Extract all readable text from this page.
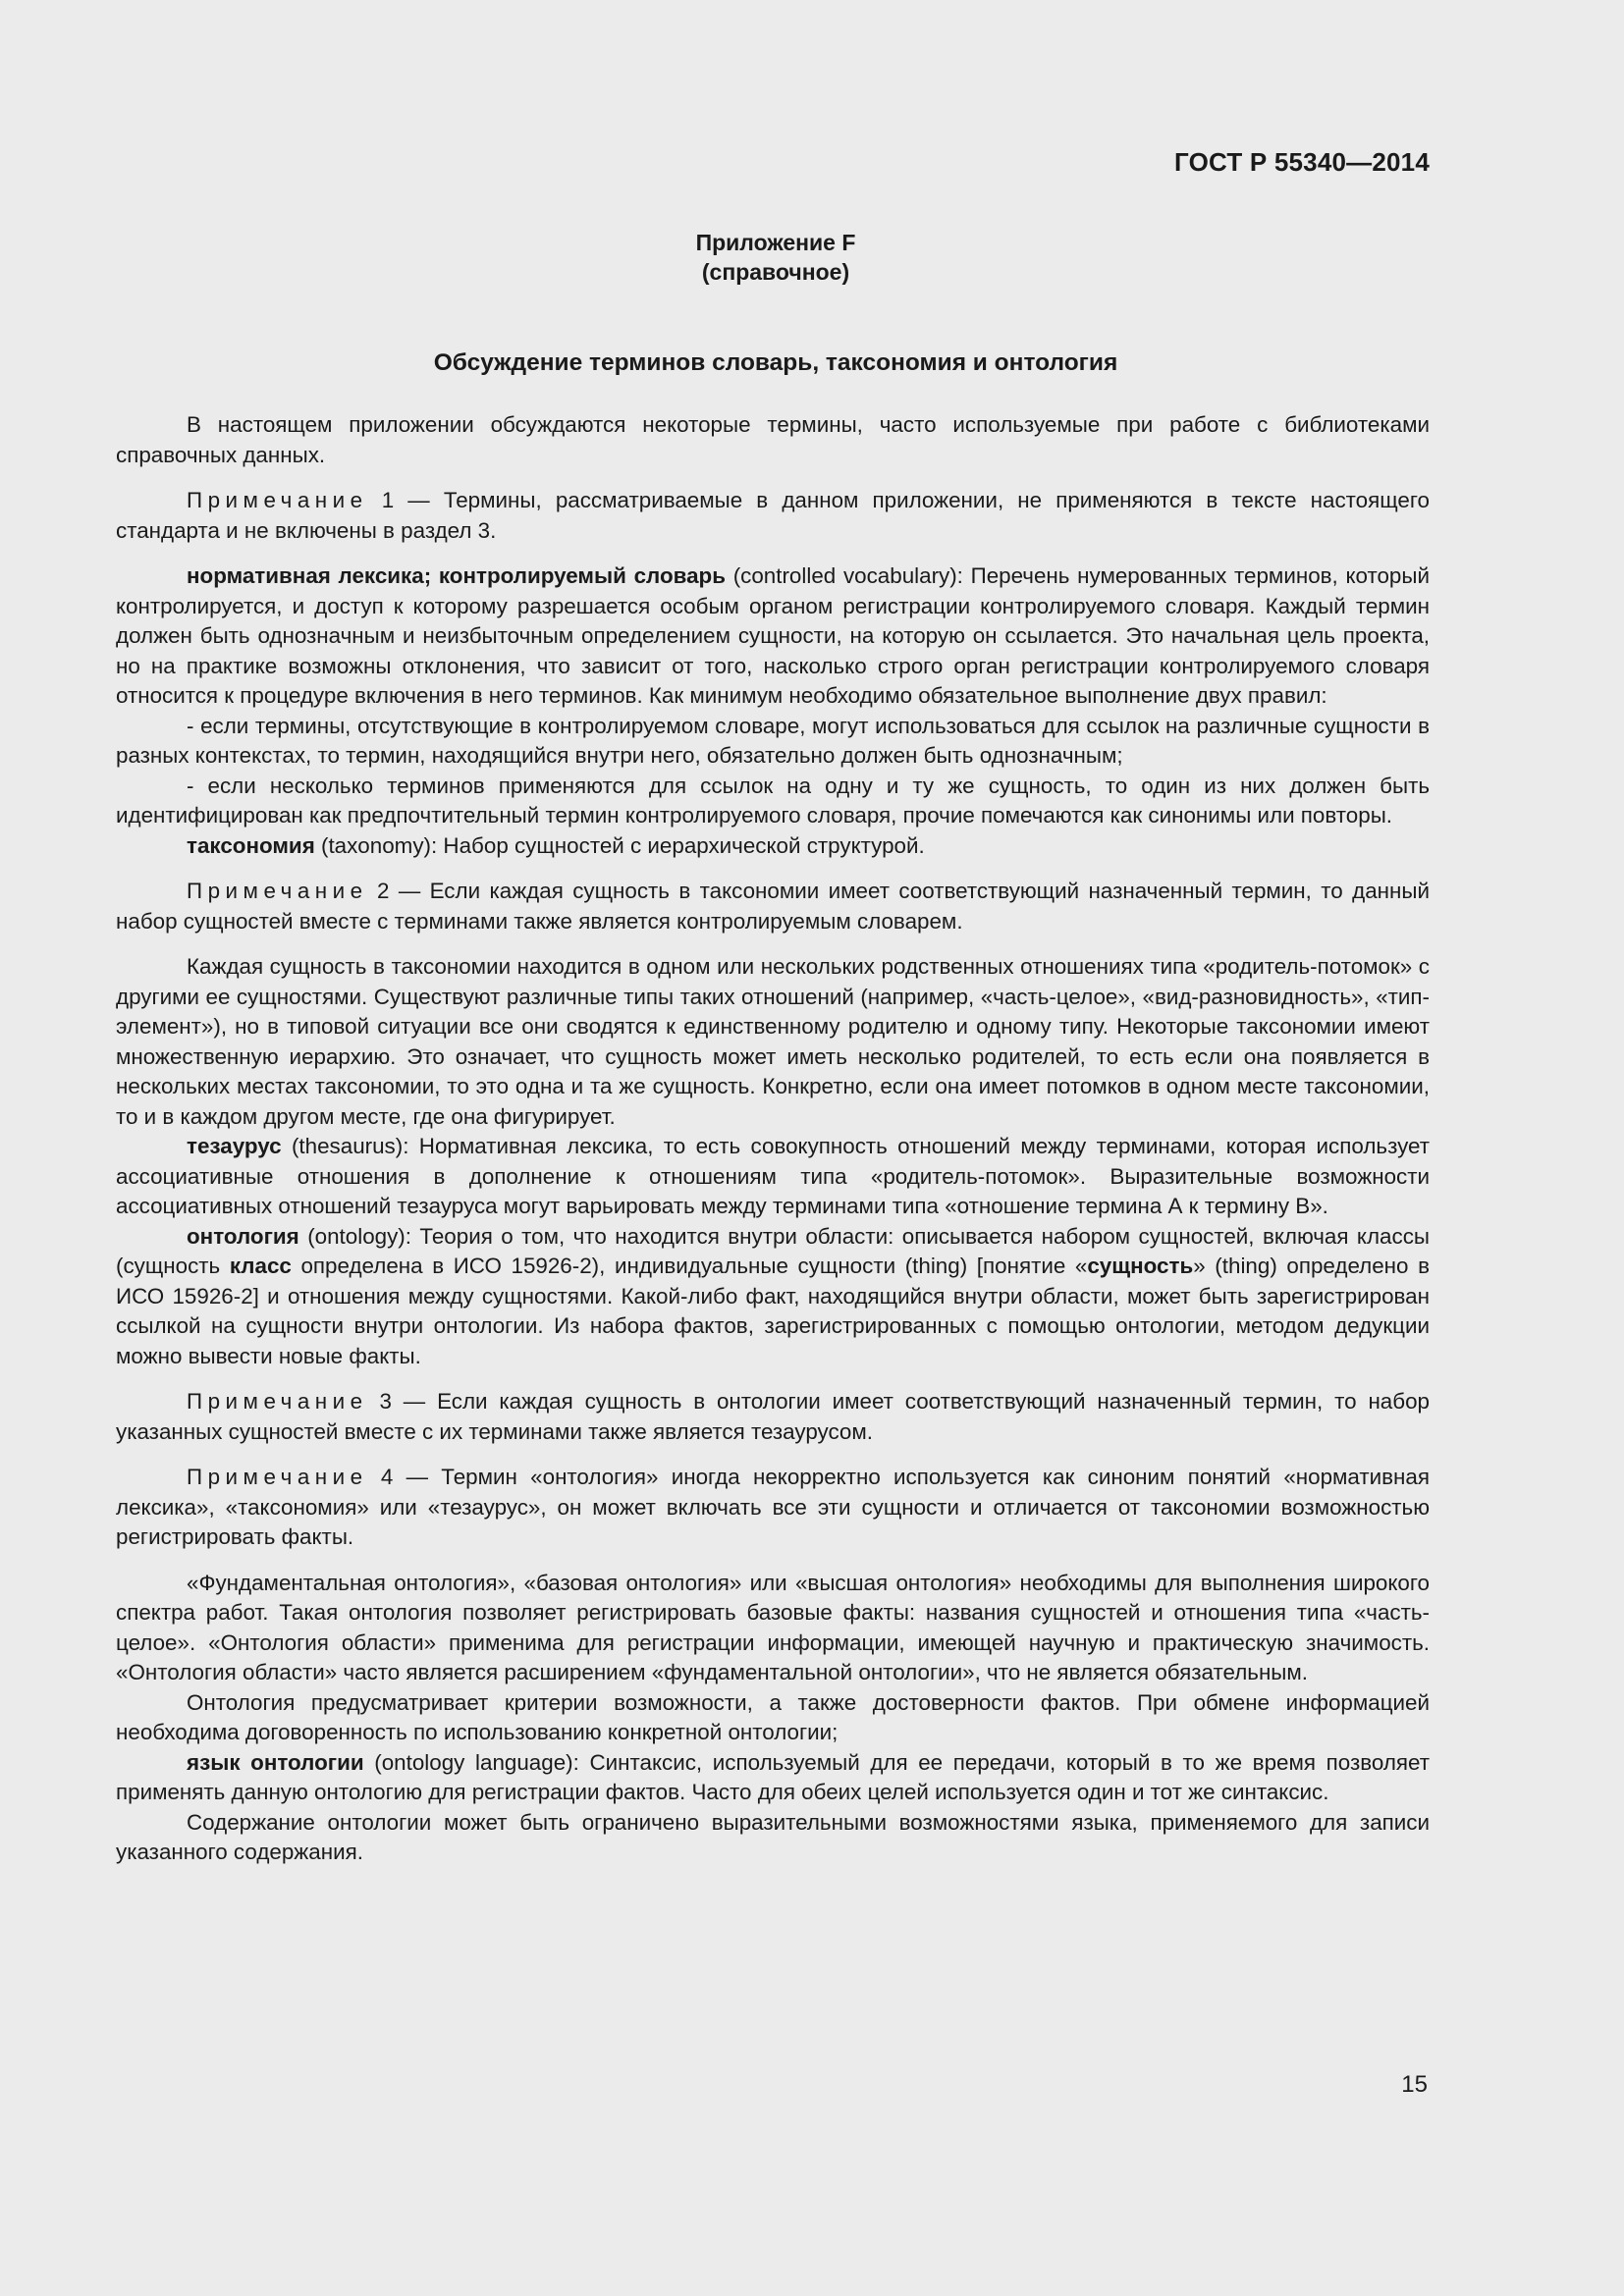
ГОСТ Р 55340—2014
Приложение F
(справочное)
Обсуждение терминов словарь, таксономия и онтология

В настоящем приложении обсуждаются некоторые термины, часто используемые при работе с библиотеками справочных данных.

Примечание 1 — Термины, рассматриваемые в данном приложении, не применяются в тексте настоящего стандарта и не включены в раздел 3.

нормативная лексика; контролируемый словарь (controlled vocabulary): Перечень нумерованных терминов, который контролируется, и доступ к которому разрешается особым органом регистрации контролируемого словаря. Каждый термин должен быть однозначным и неизбыточным определением сущности, на которую он ссылается. Это начальная цель проекта, но на практике возможны отклонения, что зависит от того, насколько строго орган регистрации контролируемого словаря относится к процедуре включения в него терминов. Как минимум необходимо обязательное выполнение двух правил:

- если термины, отсутствующие в контролируемом словаре, могут использоваться для ссылок на различные сущности в разных контекстах, то термин, находящийся внутри него, обязательно должен быть однозначным;

- если несколько терминов применяются для ссылок на одну и ту же сущность, то один из них должен быть идентифицирован как предпочтительный термин контролируемого словаря, прочие помечаются как синонимы или повторы.

таксономия (taxonomy): Набор сущностей с иерархической структурой.

Примечание 2 — Если каждая сущность в таксономии имеет соответствующий назначенный термин, то данный набор сущностей вместе с терминами также является контролируемым словарем.

Каждая сущность в таксономии находится в одном или нескольких родственных отношениях типа «родитель-потомок» с другими ее сущностями. Существуют различные типы таких отношений (например, «часть-целое», «вид-разновидность», «тип-элемент»), но в типовой ситуации все они сводятся к единственному родителю и одному типу. Некоторые таксономии имеют множественную иерархию. Это означает, что сущность может иметь несколько родителей, то есть если она появляется в нескольких местах таксономии, то это одна и та же сущность. Конкретно, если она имеет потомков в одном месте таксономии, то и в каждом другом месте, где она фигурирует.

тезаурус (thesaurus): Нормативная лексика, то есть совокупность отношений между терминами, которая использует ассоциативные отношения в дополнение к отношениям типа «родитель-потомок». Выразительные возможности ассоциативных отношений тезауруса могут варьировать между терминами типа «отношение термина А к термину В».

онтология (ontology): Теория о том, что находится внутри области: описывается набором сущностей, включая классы (сущность класс определена в ИСО 15926-2), индивидуальные сущности (thing) [понятие «сущность» (thing) определено в ИСО 15926-2] и отношения между сущностями. Какой-либо факт, находящийся внутри области, может быть зарегистрирован ссылкой на сущности внутри онтологии. Из набора фактов, зарегистрированных с помощью онтологии, методом дедукции можно вывести новые факты.

Примечание 3 — Если каждая сущность в онтологии имеет соответствующий назначенный термин, то набор указанных сущностей вместе с их терминами также является тезаурусом.

Примечание 4 — Термин «онтология» иногда некорректно используется как синоним понятий «нормативная лексика», «таксономия» или «тезаурус», он может включать все эти сущности и отличается от таксономии возможностью регистрировать факты.

«Фундаментальная онтология», «базовая онтология» или «высшая онтология» необходимы для выполнения широкого спектра работ. Такая онтология позволяет регистрировать базовые факты: названия сущностей и отношения типа «часть-целое». «Онтология области» применима для регистрации информации, имеющей научную и практическую значимость. «Онтология области» часто является расширением «фундаментальной онтологии», что не является обязательным.

Онтология предусматривает критерии возможности, а также достоверности фактов. При обмене информацией необходима договоренность по использованию конкретной онтологии;

язык онтологии (ontology language): Синтаксис, используемый для ее передачи, который в то же время позволяет применять данную онтологию для регистрации фактов. Часто для обеих целей используется один и тот же синтаксис.

Содержание онтологии может быть ограничено выразительными возможностями языка, применяемого для записи указанного содержания.

15
